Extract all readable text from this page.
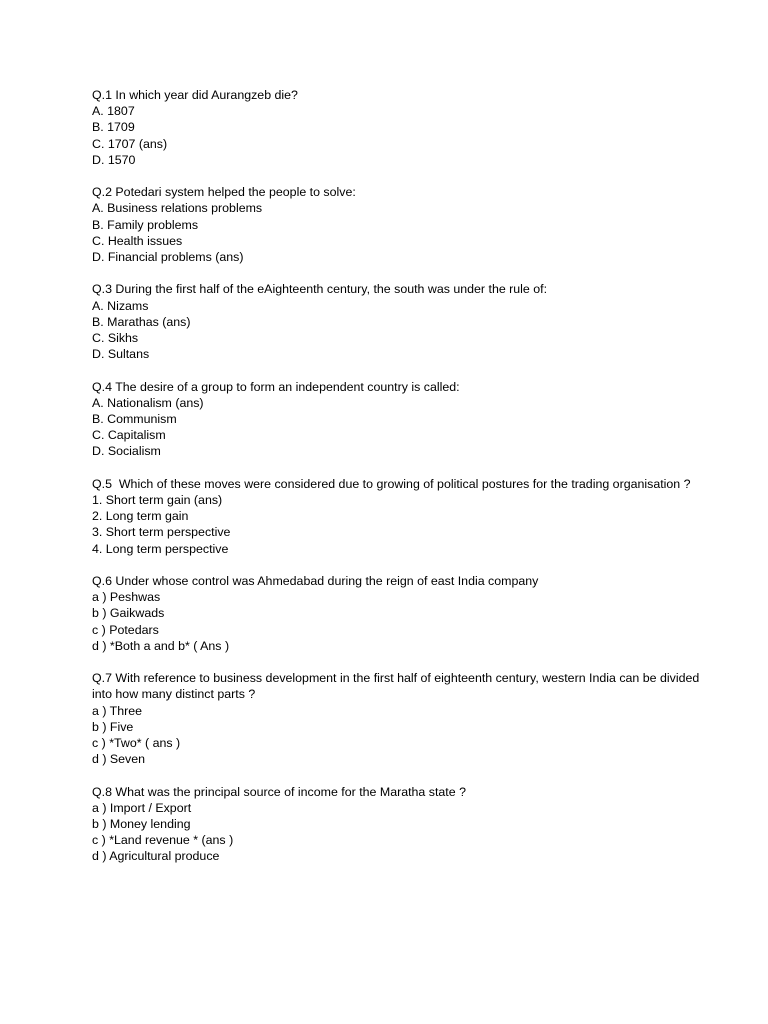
Q.1 In which year did Aurangzeb die?
A. 1807
B. 1709
C. 1707 (ans)
D. 1570
Q.2 Potedari system helped the people to solve:
A. Business relations problems
B. Family problems
C. Health issues
D. Financial problems (ans)
Q.3 During the first half of the eAighteenth century, the south was under the rule of:
A. Nizams
B. Marathas (ans)
C. Sikhs
D. Sultans
Q.4 The desire of a group to form an independent country is called:
A. Nationalism (ans)
B. Communism
C. Capitalism
D. Socialism
Q.5  Which of these moves were considered due to growing of political postures for the trading organisation ?
1. Short term gain (ans)
2. Long term gain
3. Short term perspective
4. Long term perspective
Q.6 Under whose control was Ahmedabad during the reign of east India company
a ) Peshwas
b ) Gaikwads
c ) Potedars
d ) *Both a and b* ( Ans )
Q.7 With reference to business development in the first half of eighteenth century, western India can be divided into how many distinct parts ?
a ) Three
b ) Five
c ) *Two* ( ans )
d ) Seven
Q.8 What was the principal source of income for the Maratha state ?
a ) Import / Export
b ) Money lending
c ) *Land revenue * (ans )
d ) Agricultural produce
